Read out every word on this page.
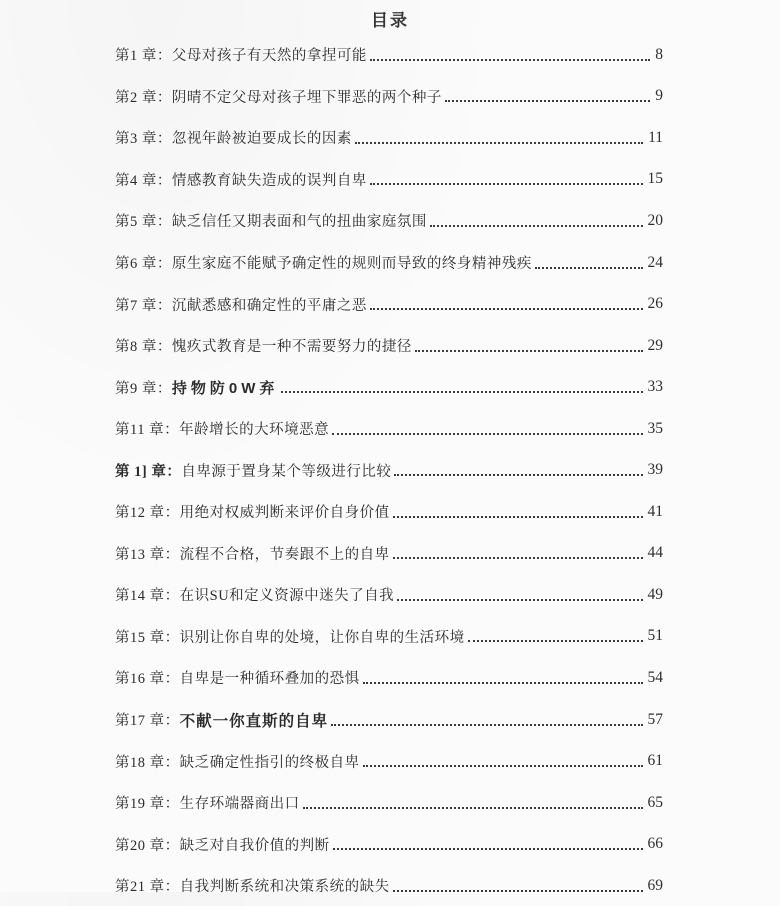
目录
第1 章： 父母对孩子有天然的拿捏可能	8
第2 章： 阴晴不定父母对孩子埋下罪恶的两个种子	9
第3 章： 忽视年龄被迫要成长的因素	11
第4 章： 情感教育缺失造成的误判自卑	15
第5 章： 缺乏信任又期表面和气的扭曲家庭氛围	20
第6 章： 原生家庭不能赋予确定性的规则而导致的终身精神残疾	24
第7 章： 沉献悉感和确定性的平庸之恶	26
第8 章： 愧疚式教育是一种不需要努力的捷径	29
第9 章： 持物防0W弃	33
第11 章： 年龄增长的大环境恶意	35
第 1] 章： 自卑源于置身某个等级进行比较	39
第12 章： 用绝对权威判断来评价自身价值	41
第13 章： 流程不合格，节奏跟不上的自卑	44
第14 章： 在识SU和定义资源中迷失了自我	49
第15 章： 识别让你自卑的处境，让你自卑的生活环境	51
第16 章： 自卑是一种循环叠加的恐惧	54
第17 章： 不献一你直斯的自卑	57
第18 章： 缺乏确定性指引的终极自卑	61
第19 章： 生存环端器商出口	65
第20 章： 缺乏对自我价值的判断	66
第21 章： 自我判断系统和决策系统的缺失	69
